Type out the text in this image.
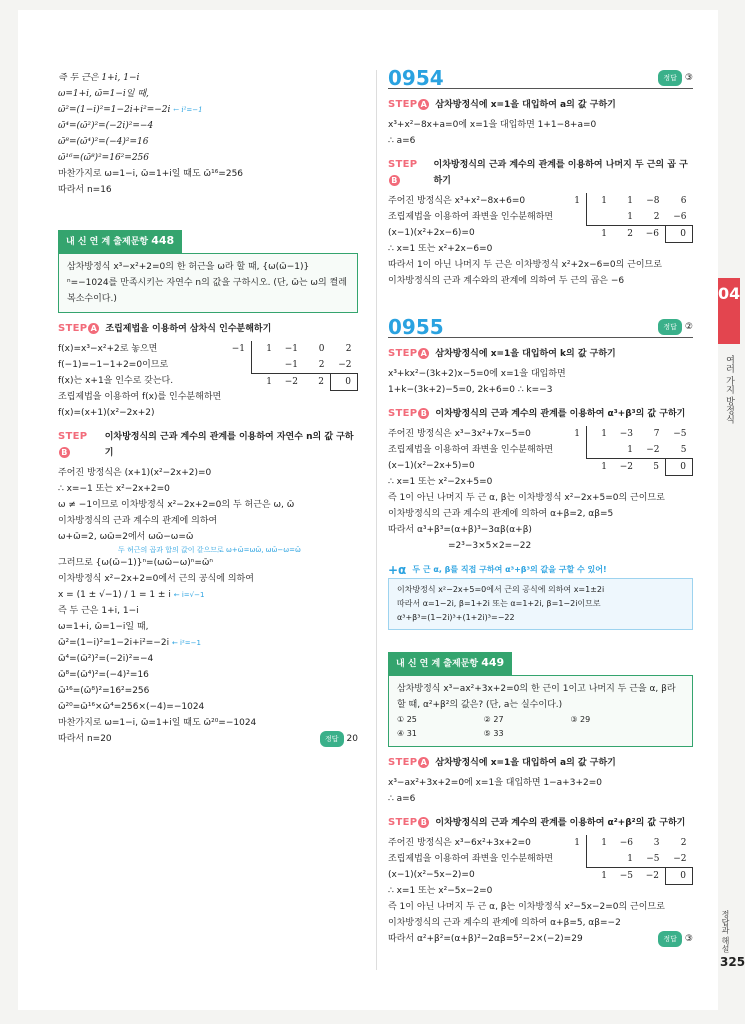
즉 두 근은 1+i, 1−i
ω=1+i, ω̄=1−i일 때,
ω̄²=(1−i)²=1−2i+i²=−2i ← i²=−1
ω̄⁴=(ω̄²)²=(−2i)²=−4
ω̄⁸=(ω̄⁴)²=(−4)²=16
ω̄¹⁶=(ω̄⁸)²=16²=256
마찬가지로 ω=1−i, ω̄=1+i일 때도 ω̄¹⁶=256
따라서 n=16
내 신 연 계 출제문항 448
삼차방정식 x³−x²+2=0의 한 허근을 ω라 할 때, {ω(ω̄−1)}ⁿ=−1024를 만족시키는 자연수 n의 값을 구하시오. (단, ω̄는 ω의 켤레복소수이다.)
STEP A 조립제법을 이용하여 삼차식 인수분해하기
f(x)=x³−x²+2로 놓으면
f(−1)=−1−1+2=0이므로
f(x)는 x+1을 인수로 갖는다.
조립제법을 이용하여 f(x)를 인수분해하면
f(x)=(x+1)(x²−2x+2)
−1	1	−1	0	2
		−1	2	−2
	1	−2	2	0
STEPB
이차방정식의 근과 계수의 관계를 이용하여 자연수 n의 값 구하기
주어진 방정식은 (x+1)(x²−2x+2)=0
∴ x=−1 또는 x²−2x+2=0
ω ≠ −1이므로 이차방정식 x²−2x+2=0의 두 허근은 ω, ω̄
이차방정식의 근과 계수의 관계에 의하여
ω+ω̄=2, ωω̄=2에서 ωω̄−ω=ω̄
두 허근의 곱과 합의 값이 같으므로 ω+ω̄=ωω̄, ωω̄−ω=ω̄
그러므로 {ω(ω̄−1)}ⁿ=(ωω̄−ω)ⁿ=ω̄ⁿ
이차방정식 x²−2x+2=0에서 근의 공식에 의하여
x = (1 ± √−1) / 1 = 1 ± i ← i=√−1
즉 두 근은 1+i, 1−i
ω=1+i, ω̄=1−i일 때,
ω̄²=(1−i)²=1−2i+i²=−2i ← i²=−1
ω̄⁴=(ω̄²)²=(−2i)²=−4
ω̄⁸=(ω̄⁴)²=(−4)²=16
ω̄¹⁶=(ω̄⁸)²=16²=256
ω̄²⁰=ω̄¹⁶×ω̄⁴=256×(−4)=−1024
마찬가지로 ω=1−i, ω̄=1+i일 때도 ω̄²⁰=−1024
따라서 n=20	정답 20
0954	정답 ③
STEP A 삼차방정식에 x=1을 대입하여 a의 값 구하기
x³+x²−8x+a=0에 x=1을 대입하면 1+1−8+a=0
∴ a=6
STEPB
이차방정식의 근과 계수의 관계를 이용하여 나머지 두 근의 곱 구하기
주어진 방정식은 x³+x²−8x+6=0
조립제법을 이용하여 좌변을 인수분해하면
(x−1)(x²+2x−6)=0
∴ x=1 또는 x²+2x−6=0
1	1	1	−8	6
		1	2	−6
	1	2	−6	0
따라서 1이 아닌 나머지 두 근은 이차방정식 x²+2x−6=0의 근이므로
이차방정식의 근과 계수와의 관계에 의하여 두 근의 곱은 −6
0955	정답 ②
STEP A 삼차방정식에 x=1을 대입하여 k의 값 구하기
x³+kx²−(3k+2)x−5=0에 x=1을 대입하면
1+k−(3k+2)−5=0, 2k+6=0 ∴ k=−3
STEP B 이차방정식의 근과 계수의 관계를 이용하여 α³+β³의 값 구하기
주어진 방정식은 x³−3x²+7x−5=0
조립제법을 이용하여 좌변을 인수분해하면
(x−1)(x²−2x+5)=0
∴ x=1 또는 x²−2x+5=0
1	1	−3	7	−5
		1	−2	5
	1	−2	5	0
즉 1이 아닌 나머지 두 근 α, β는 이차방정식 x²−2x+5=0의 근이므로
이차방정식의 근과 계수의 관계에 의하여 α+β=2, αβ=5
따라서 α³+β³=(α+β)³−3αβ(α+β)
=2³−3×5×2=−22
+α 두 근 α, β를 직접 구하여 α³+β³의 값을 구할 수 있어!
이차방정식 x²−2x+5=0에서 근의 공식에 의하여 x=1±2i
따라서 α=1−2i, β=1+2i 또는 α=1+2i, β=1−2i이므로
α³+β³=(1−2i)³+(1+2i)³=−22
내 신 연 계 출제문항 449
삼차방정식 x³−ax²+3x+2=0의 한 근이 1이고 나머지 두 근을 α, β라 할 때, α²+β²의 값은? (단, a는 실수이다.)
① 25	② 27	③ 29
④ 31	⑤ 33
STEP A 삼차방정식에 x=1을 대입하여 a의 값 구하기
x³−ax²+3x+2=0에 x=1을 대입하면 1−a+3+2=0
∴ a=6
STEP B 이차방정식의 근과 계수의 관계를 이용하여 α²+β²의 값 구하기
주어진 방정식은 x³−6x²+3x+2=0
조립제법을 이용하여 좌변을 인수분해하면
(x−1)(x²−5x−2)=0
∴ x=1 또는 x²−5x−2=0
1	1	−6	3	2
		1	−5	−2
	1	−5	−2	0
즉 1이 아닌 나머지 두 근 α, β는 이차방정식 x²−5x−2=0의 근이므로
이차방정식의 근과 계수의 관계에 의하여 α+β=5, αβ=−2
따라서 α²+β²=(α+β)²−2αβ=5²−2×(−2)=29	정답 ③
04
여러 가지 방정식
정답과 해설
325
